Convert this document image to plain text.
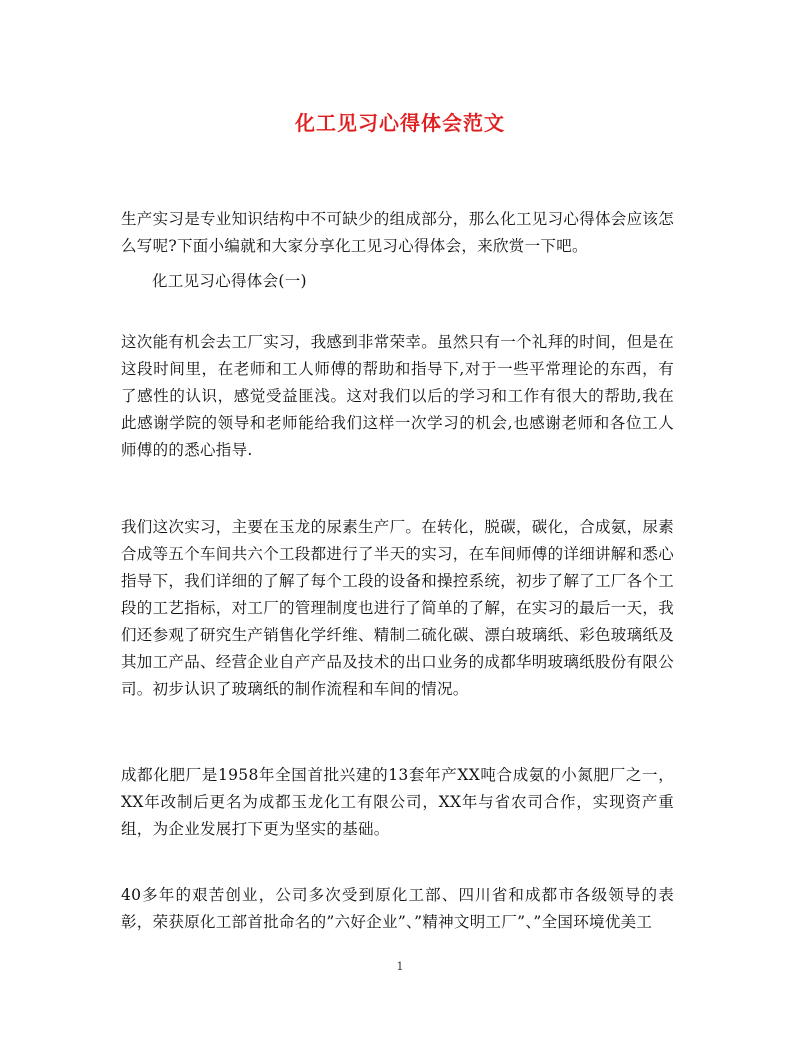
化工见习心得体会范文
生产实习是专业知识结构中不可缺少的组成部分，那么化工见习心得体会应该怎么写呢?下面小编就和大家分享化工见习心得体会，来欣赏一下吧。
化工见习心得体会(一)
这次能有机会去工厂实习，我感到非常荣幸。虽然只有一个礼拜的时间，但是在这段时间里，在老师和工人师傅的帮助和指导下,对于一些平常理论的东西，有了感性的认识，感觉受益匪浅。这对我们以后的学习和工作有很大的帮助,我在此感谢学院的领导和老师能给我们这样一次学习的机会,也感谢老师和各位工人师傅的的悉心指导.
我们这次实习，主要在玉龙的尿素生产厂。在转化，脱碳，碳化，合成氨，尿素合成等五个车间共六个工段都进行了半天的实习，在车间师傅的详细讲解和悉心指导下，我们详细的了解了每个工段的设备和操控系统，初步了解了工厂各个工段的工艺指标，对工厂的管理制度也进行了简单的了解，在实习的最后一天，我们还参观了研究生产销售化学纤维、精制二硫化碳、漂白玻璃纸、彩色玻璃纸及其加工产品、经营企业自产产品及技术的出口业务的成都华明玻璃纸股份有限公司。初步认识了玻璃纸的制作流程和车间的情况。
成都化肥厂是1958年全国首批兴建的13套年产XX吨合成氨的小氮肥厂之一，XX年改制后更名为成都玉龙化工有限公司，XX年与省农司合作，实现资产重组，为企业发展打下更为坚实的基础。
40多年的艰苦创业，公司多次受到原化工部、四川省和成都市各级领导的表彰，荣获原化工部首批命名的”六好企业”、”精神文明工厂”、”全国环境优美工
1
